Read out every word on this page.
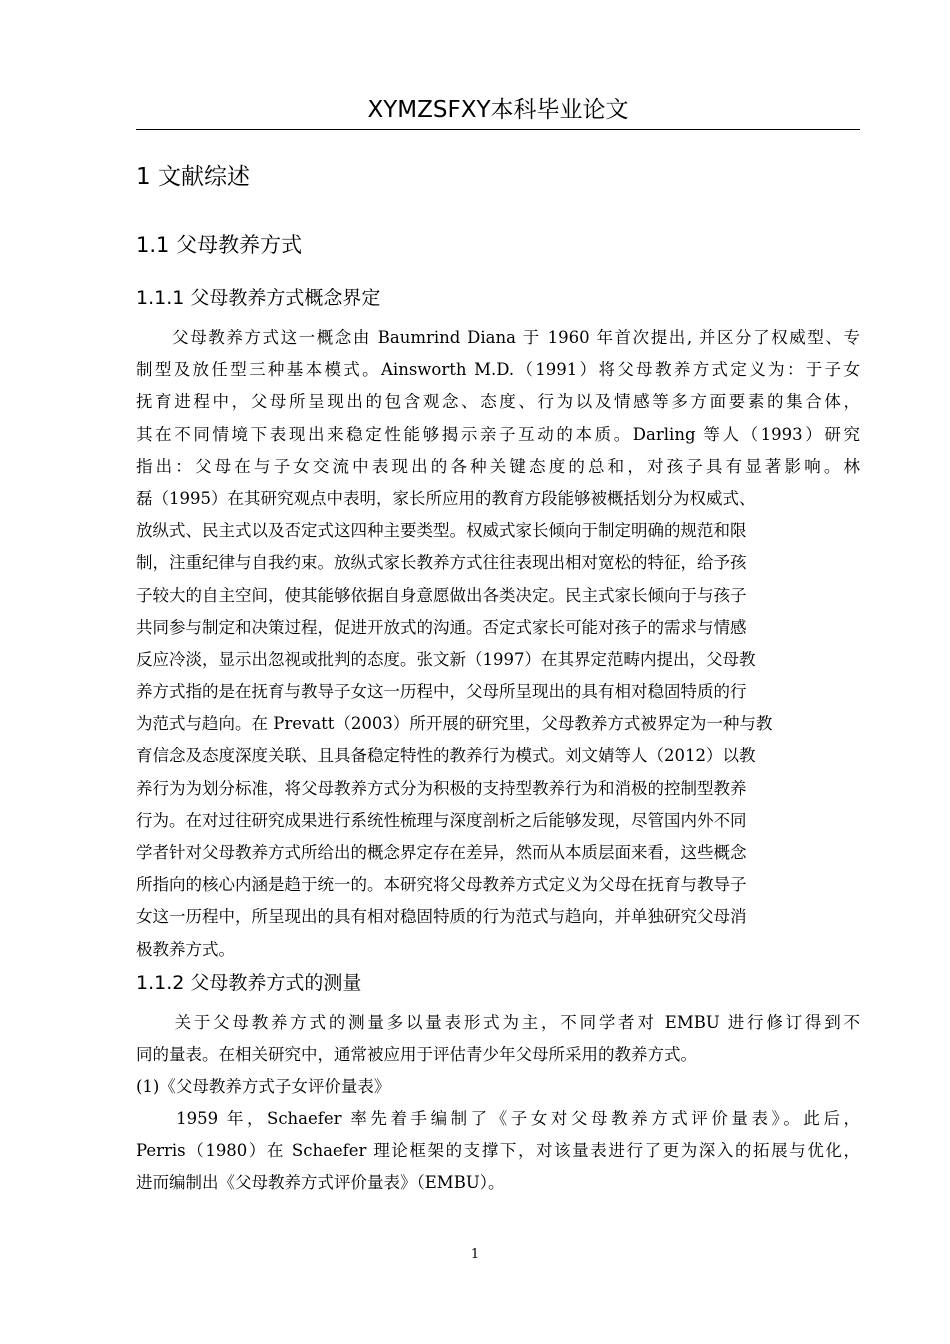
XYMZSFXY本科毕业论文
1 文献综述
1.1 父母教养方式
1.1.1 父母教养方式概念界定
　　父母教养方式这一概念由 Baumrind Diana 于 1960 年首次提出, 并区分了权威型、专
制型及放任型三种基本模式。Ainsworth M.D.（1991）将父母教养方式定义为：于子女
抚育进程中，父母所呈现出的包含观念、态度、行为以及情感等多方面要素的集合体，
其在不同情境下表现出来稳定性能够揭示亲子互动的本质。Darling 等人（1993）研究
指出：父母在与子女交流中表现出的各种关键态度的总和，对孩子具有显著影响。林
磊（1995）在其研究观点中表明，家长所应用的教育方段能够被概括划分为权威式、
放纵式、民主式以及否定式这四种主要类型。权威式家长倾向于制定明确的规范和限
制，注重纪律与自我约束。放纵式家长教养方式往往表现出相对宽松的特征，给予孩
子较大的自主空间，使其能够依据自身意愿做出各类决定。民主式家长倾向于与孩子
共同参与制定和决策过程，促进开放式的沟通。否定式家长可能对孩子的需求与情感
反应冷淡，显示出忽视或批判的态度。张文新（1997）在其界定范畴内提出，父母教
养方式指的是在抚育与教导子女这一历程中，父母所呈现出的具有相对稳固特质的行
为范式与趋向。在 Prevatt（2003）所开展的研究里，父母教养方式被界定为一种与教
育信念及态度深度关联、且具备稳定特性的教养行为模式。刘文婧等人（2012）以教
养行为为划分标准，将父母教养方式分为积极的支持型教养行为和消极的控制型教养
行为。在对过往研究成果进行系统性梳理与深度剖析之后能够发现，尽管国内外不同
学者针对父母教养方式所给出的概念界定存在差异，然而从本质层面来看，这些概念
所指向的核心内涵是趋于统一的。本研究将父母教养方式定义为父母在抚育与教导子
女这一历程中，所呈现出的具有相对稳固特质的行为范式与趋向，并单独研究父母消
极教养方式。
1.1.2 父母教养方式的测量
　　关于父母教养方式的测量多以量表形式为主，不同学者对 EMBU 进行修订得到不
同的量表。在相关研究中，通常被应用于评估青少年父母所采用的教养方式。
(1)《父母教养方式子女评价量表》
　　1959 年，Schaefer 率先着手编制了《子女对父母教养方式评价量表》。此后，
Perris（1980）在 Schaefer 理论框架的支撑下，对该量表进行了更为深入的拓展与优化，
进而编制出《父母教养方式评价量表》（EMBU）。
1
